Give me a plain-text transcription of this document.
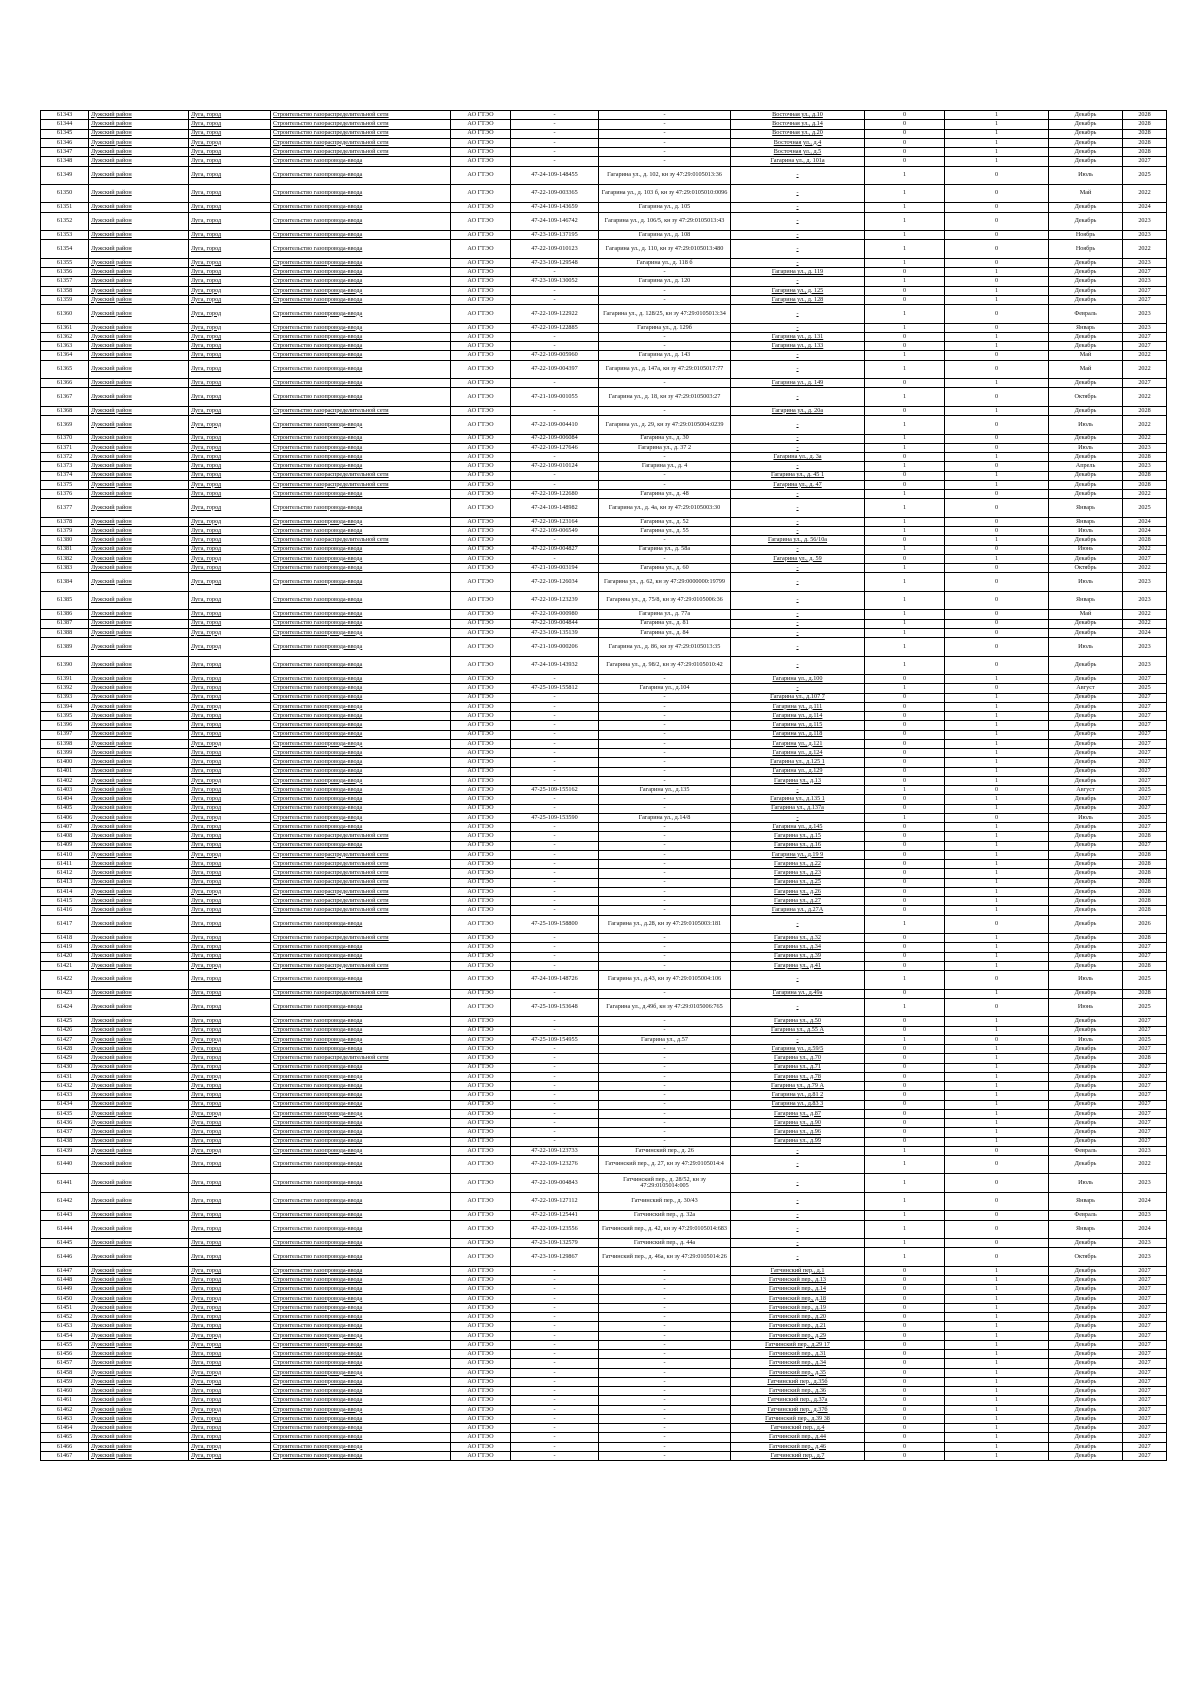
61343	Лужский район	Луга, город	Строительство газораспределительной сети	АО ГТЭО	-	-	Восточная ул., д.10	0	1	Декабрь	2028
61344	Лужский район	Луга, город	Строительство газораспределительной сети	АО ГТЭО	-	-	Восточная ул., д.14	0	1	Декабрь	2028
61345	Лужский район	Луга, город	Строительство газораспределительной сети	АО ГТЭО	-	-	Восточная ул., д.20	0	1	Декабрь	2028
61346	Лужский район	Луга, город	Строительство газораспределительной сети	АО ГТЭО	-	-	Восточная ул., д.4	0	1	Декабрь	2028
61347	Лужский район	Луга, город	Строительство газораспределительной сети	АО ГТЭО	-	-	Восточная ул., д.5	0	1	Декабрь	2028
61348	Лужский район	Луга, город	Строительство газопровода-ввода	АО ГТЭО	-	-	Гагарина ул., д. 101а	0	1	Декабрь	2027
61349	Лужский район	Луга, город	Строительство газопровода-ввода	АО ГТЭО	47-24-109-148455	Гагарина ул., д. 102, кн зу 47:29:0105013:36	-	1	0	Июль	2025
61350	Лужский район	Луга, город	Строительство газопровода-ввода	АО ГТЭО	47-22-109-003365	Гагарина ул., д. 103 б, кн зу 47:29:0105010:0096	-	1	0	Май	2022
61351	Лужский район	Луга, город	Строительство газопровода-ввода	АО ГТЭО	47-24-109-143659	Гагарина ул., д. 105	-	1	0	Декабрь	2024
61352	Лужский район	Луга, город	Строительство газопровода-ввода	АО ГТЭО	47-24-109-146742	Гагарина ул., д. 106/5, кн зу 47:29:0105013:43	-	1	0	Декабрь	2023
61353	Лужский район	Луга, город	Строительство газопровода-ввода	АО ГТЭО	47-23-109-137195	Гагарина ул., д. 108	-	1	0	Ноябрь	2023
61354	Лужский район	Луга, город	Строительство газопровода-ввода	АО ГТЭО	47-22-109-010123	Гагарина ул., д. 110, кн зу 47:29:0105013:480	-	1	0	Ноябрь	2022
61355	Лужский район	Луга, город	Строительство газопровода-ввода	АО ГТЭО	47-23-109-129548	Гагарина ул., д. 118 б	-	1	0	Декабрь	2023
61356	Лужский район	Луга, город	Строительство газопровода-ввода	АО ГТЭО	-	-	Гагарина ул., д. 119	0	1	Декабрь	2027
61357	Лужский район	Луга, город	Строительство газопровода-ввода	АО ГТЭО	47-23-109-130052	Гагарина ул., д. 120	-	1	0	Декабрь	2023
61358	Лужский район	Луга, город	Строительство газопровода-ввода	АО ГТЭО	-	-	Гагарина ул., д. 125	0	1	Декабрь	2027
61359	Лужский район	Луга, город	Строительство газопровода-ввода	АО ГТЭО	-	-	Гагарина ул., д. 128	0	1	Декабрь	2027
61360	Лужский район	Луга, город	Строительство газопровода-ввода	АО ГТЭО	47-22-109-122922	Гагарина ул., д. 128/25, кн зу 47:29:0105013:34	-	1	0	Февраль	2023
61361	Лужский район	Луга, город	Строительство газопровода-ввода	АО ГТЭО	47-22-109-122885	Гагарина ул., д. 129б	-	1	0	Январь	2023
61362	Лужский район	Луга, город	Строительство газопровода-ввода	АО ГТЭО	-	-	Гагарина ул., д. 131	0	1	Декабрь	2027
61363	Лужский район	Луга, город	Строительство газопровода-ввода	АО ГТЭО	-	-	Гагарина ул., д. 133	0	1	Декабрь	2027
61364	Лужский район	Луга, город	Строительство газопровода-ввода	АО ГТЭО	47-22-109-005960	Гагарина ул., д. 143	-	1	0	Май	2022
61365	Лужский район	Луга, город	Строительство газопровода-ввода	АО ГТЭО	47-22-109-004397	Гагарина ул., д. 147а, кн зу 47:29:0105017:77	-	1	0	Май	2022
61366	Лужский район	Луга, город	Строительство газопровода-ввода	АО ГТЭО	-	-	Гагарина ул., д. 149	0	1	Декабрь	2027
61367	Лужский район	Луга, город	Строительство газопровода-ввода	АО ГТЭО	47-21-109-001055	Гагарина ул., д. 18, кн зу 47:29:0105003:27	-	1	0	Октябрь	2022
61368	Лужский район	Луга, город	Строительство газораспределительной сети	АО ГТЭО	-	-	Гагарина ул., д. 20а	0	1	Декабрь	2028
61369	Лужский район	Луга, город	Строительство газопровода-ввода	АО ГТЭО	47-22-109-004410	Гагарина ул., д. 29, кн зу 47:29:0105004:0239	-	1	0	Июль	2022
61370	Лужский район	Луга, город	Строительство газопровода-ввода	АО ГТЭО	47-22-109-006084	Гагарина ул., д. 30	-	1	0	Декабрь	2022
61371	Лужский район	Луга, город	Строительство газопровода-ввода	АО ГТЭО	47-22-109-127646	Гагарина ул., д. 37 2	-	1	0	Июль	2023
61372	Лужский район	Луга, город	Строительство газопровода-ввода	АО ГТЭО	-	-	Гагарина ул., д. 3а	0	1	Декабрь	2028
61373	Лужский район	Луга, город	Строительство газопровода-ввода	АО ГТЭО	47-22-109-010124	Гагарина ул., д. 4	-	1	0	Апрель	2023
61374	Лужский район	Луга, город	Строительство газораспределительной сети	АО ГТЭО	-	-	Гагарина ул., д. 45 1	0	1	Декабрь	2028
61375	Лужский район	Луга, город	Строительство газораспределительной сети	АО ГТЭО	-	-	Гагарина ул., д. 47	0	1	Декабрь	2028
61376	Лужский район	Луга, город	Строительство газопровода-ввода	АО ГТЭО	47-22-109-122680	Гагарина ул., д. 48	-	1	0	Декабрь	2022
61377	Лужский район	Луга, город	Строительство газопровода-ввода	АО ГТЭО	47-24-109-148982	Гагарина ул., д. 4а, кн зу 47:29:0105003:30	-	1	0	Январь	2025
61378	Лужский район	Луга, город	Строительство газопровода-ввода	АО ГТЭО	47-22-109-123164	Гагарина ул., д. 52	-	1	0	Январь	2024
61379	Лужский район	Луга, город	Строительство газопровода-ввода	АО ГТЭО	47-22-109-006549	Гагарина ул., д. 55	-	1	0	Июль	2024
61380	Лужский район	Луга, город	Строительство газораспределительной сети	АО ГТЭО	-	-	Гагарина ул., д. 56/10а	0	1	Декабрь	2028
61381	Лужский район	Луга, город	Строительство газопровода-ввода	АО ГТЭО	47-22-109-004827	Гагарина ул., д. 58а	-	1	0	Июнь	2022
61382	Лужский район	Луга, город	Строительство газопровода-ввода	АО ГТЭО	-	-	Гагарина ул., д. 59	0	1	Декабрь	2027
61383	Лужский район	Луга, город	Строительство газопровода-ввода	АО ГТЭО	47-21-109-003194	Гагарина ул., д. 60	-	1	0	Октябрь	2022
61384	Лужский район	Луга, город	Строительство газопровода-ввода	АО ГТЭО	47-22-109-126034	Гагарина ул., д. 62, кн зу 47:29:0000000:19799	-	1	0	Июль	2023
61385	Лужский район	Луга, город	Строительство газопровода-ввода	АО ГТЭО	47-22-109-123239	Гагарина ул., д. 75/8, кн зу 47:29:0105006:36	-	1	0	Январь	2023
61386	Лужский район	Луга, город	Строительство газопровода-ввода	АО ГТЭО	47-22-109-000980	Гагарина ул., д. 77а	-	1	0	Май	2022
61387	Лужский район	Луга, город	Строительство газопровода-ввода	АО ГТЭО	47-22-109-004844	Гагарина ул., д. 81	-	1	0	Декабрь	2022
61388	Лужский район	Луга, город	Строительство газопровода-ввода	АО ГТЭО	47-23-109-135139	Гагарина ул., д. 84	-	1	0	Декабрь	2024
61389	Лужский район	Луга, город	Строительство газопровода-ввода	АО ГТЭО	47-21-109-000206	Гагарина ул., д. 86, кн зу 47:29:0105013:35	-	1	0	Июль	2023
61390	Лужский район	Луга, город	Строительство газопровода-ввода	АО ГТЭО	47-24-109-143932	Гагарина ул., д. 98/2, кн зу 47:29:0105010:42	-	1	0	Декабрь	2023
61391	Лужский район	Луга, город	Строительство газопровода-ввода	АО ГТЭО	-	-	Гагарина ул., д.100	0	1	Декабрь	2027
61392	Лужский район	Луга, город	Строительство газопровода-ввода	АО ГТЭО	47-25-109-155812	Гагарина ул., д.104	-	1	0	Август	2025
61393	Лужский район	Луга, город	Строительство газопровода-ввода	АО ГТЭО	-	-	Гагарина ул., д.107 7	0	1	Декабрь	2027
61394	Лужский район	Луга, город	Строительство газопровода-ввода	АО ГТЭО	-	-	Гагарина ул., д.111	0	1	Декабрь	2027
61395	Лужский район	Луга, город	Строительство газопровода-ввода	АО ГТЭО	-	-	Гагарина ул., д.114	0	1	Декабрь	2027
61396	Лужский район	Луга, город	Строительство газопровода-ввода	АО ГТЭО	-	-	Гагарина ул., д.115	0	1	Декабрь	2027
61397	Лужский район	Луга, город	Строительство газопровода-ввода	АО ГТЭО	-	-	Гагарина ул., д.118	0	1	Декабрь	2027
61398	Лужский район	Луга, город	Строительство газопровода-ввода	АО ГТЭО	-	-	Гагарина ул., д.121	0	1	Декабрь	2027
61399	Лужский район	Луга, город	Строительство газопровода-ввода	АО ГТЭО	-	-	Гагарина ул., д.124	0	1	Декабрь	2027
61400	Лужский район	Луга, город	Строительство газопровода-ввода	АО ГТЭО	-	-	Гагарина ул., д.125 1	0	1	Декабрь	2027
61401	Лужский район	Луга, город	Строительство газопровода-ввода	АО ГТЭО	-	-	Гагарина ул., д.129	0	1	Декабрь	2027
61402	Лужский район	Луга, город	Строительство газопровода-ввода	АО ГТЭО	-	-	Гагарина ул., д.13	0	1	Декабрь	2027
61403	Лужский район	Луга, город	Строительство газопровода-ввода	АО ГТЭО	47-25-109-155162	Гагарина ул., д.135	-	1	0	Август	2025
61404	Лужский район	Луга, город	Строительство газопровода-ввода	АО ГТЭО	-	-	Гагарина ул., д.135 1	0	1	Декабрь	2027
61405	Лужский район	Луга, город	Строительство газопровода-ввода	АО ГТЭО	-	-	Гагарина ул., д.137а	0	1	Декабрь	2027
61406	Лужский район	Луга, город	Строительство газопровода-ввода	АО ГТЭО	47-25-109-153590	Гагарина ул., д.14/8	-	1	0	Июль	2025
61407	Лужский район	Луга, город	Строительство газопровода-ввода	АО ГТЭО	-	-	Гагарина ул., д.145	0	1	Декабрь	2027
61408	Лужский район	Луга, город	Строительство газораспределительной сети	АО ГТЭО	-	-	Гагарина ул., д.15	0	1	Декабрь	2028
61409	Лужский район	Луга, город	Строительство газопровода-ввода	АО ГТЭО	-	-	Гагарина ул., д.16	0	1	Декабрь	2027
61410	Лужский район	Луга, город	Строительство газораспределительной сети	АО ГТЭО	-	-	Гагарина ул., д.19 9	0	1	Декабрь	2028
61411	Лужский район	Луга, город	Строительство газораспределительной сети	АО ГТЭО	-	-	Гагарина ул., д.22	0	1	Декабрь	2028
61412	Лужский район	Луга, город	Строительство газораспределительной сети	АО ГТЭО	-	-	Гагарина ул., д.23	0	1	Декабрь	2028
61413	Лужский район	Луга, город	Строительство газораспределительной сети	АО ГТЭО	-	-	Гагарина ул., д.25	0	1	Декабрь	2028
61414	Лужский район	Луга, город	Строительство газораспределительной сети	АО ГТЭО	-	-	Гагарина ул., д.26	0	1	Декабрь	2028
61415	Лужский район	Луга, город	Строительство газораспределительной сети	АО ГТЭО	-	-	Гагарина ул., д.27	0	1	Декабрь	2028
61416	Лужский район	Луга, город	Строительство газораспределительной сети	АО ГТЭО	-	-	Гагарина ул., д.27А	0	1	Декабрь	2028
61417	Лужский район	Луга, город	Строительство газопровода-ввода	АО ГТЭО	47-25-109-158800	Гагарина ул., д.28, кн зу 47:29:0105003:181	-	1	0	Декабрь	2026
61418	Лужский район	Луга, город	Строительство газораспределительной сети	АО ГТЭО	-	-	Гагарина ул., д.32	0	1	Декабрь	2028
61419	Лужский район	Луга, город	Строительство газопровода-ввода	АО ГТЭО	-	-	Гагарина ул., д.34	0	1	Декабрь	2027
61420	Лужский район	Луга, город	Строительство газопровода-ввода	АО ГТЭО	-	-	Гагарина ул., д.39	0	1	Декабрь	2027
61421	Лужский район	Луга, город	Строительство газораспределительной сети	АО ГТЭО	-	-	Гагарина ул., д.41	0	1	Декабрь	2028
61422	Лужский район	Луга, город	Строительство газопровода-ввода	АО ГТЭО	47-24-109-148726	Гагарина ул., д.43, кн зу 47:29:0105004:106	-	1	0	Июль	2025
61423	Лужский район	Луга, город	Строительство газораспределительной сети	АО ГТЭО	-	-	Гагарина ул., д.49а	0	1	Декабрь	2028
61424	Лужский район	Луга, город	Строительство газопровода-ввода	АО ГТЭО	47-25-109-153648	Гагарина ул., д.49б, кн зу 47:29:0105006:765	-	1	0	Июнь	2025
61425	Лужский район	Луга, город	Строительство газопровода-ввода	АО ГТЭО	-	-	Гагарина ул., д.50	0	1	Декабрь	2027
61426	Лужский район	Луга, город	Строительство газопровода-ввода	АО ГТЭО	-	-	Гагарина ул., д.55 А	0	1	Декабрь	2027
61427	Лужский район	Луга, город	Строительство газопровода-ввода	АО ГТЭО	47-25-109-154955	Гагарина ул., д.57	-	1	0	Июль	2025
61428	Лужский район	Луга, город	Строительство газопровода-ввода	АО ГТЭО	-	-	Гагарина ул., д.59/5	0	1	Декабрь	2027
61429	Лужский район	Луга, город	Строительство газораспределительной сети	АО ГТЭО	-	-	Гагарина ул., д.70	0	1	Декабрь	2028
61430	Лужский район	Луга, город	Строительство газопровода-ввода	АО ГТЭО	-	-	Гагарина ул., д.71	0	1	Декабрь	2027
61431	Лужский район	Луга, город	Строительство газопровода-ввода	АО ГТЭО	-	-	Гагарина ул., д.78	0	1	Декабрь	2027
61432	Лужский район	Луга, город	Строительство газопровода-ввода	АО ГТЭО	-	-	Гагарина ул., д.79 А	0	1	Декабрь	2027
61433	Лужский район	Луга, город	Строительство газопровода-ввода	АО ГТЭО	-	-	Гагарина ул., д.81 2	0	1	Декабрь	2027
61434	Лужский район	Луга, город	Строительство газопровода-ввода	АО ГТЭО	-	-	Гагарина ул., д.83 3	0	1	Декабрь	2027
61435	Лужский район	Луга, город	Строительство газопровода-ввода	АО ГТЭО	-	-	Гагарина ул., д.87	0	1	Декабрь	2027
61436	Лужский район	Луга, город	Строительство газопровода-ввода	АО ГТЭО	-	-	Гагарина ул., д.90	0	1	Декабрь	2027
61437	Лужский район	Луга, город	Строительство газопровода-ввода	АО ГТЭО	-	-	Гагарина ул., д.96	0	1	Декабрь	2027
61438	Лужский район	Луга, город	Строительство газопровода-ввода	АО ГТЭО	-	-	Гагарина ул., д.99	0	1	Декабрь	2027
61439	Лужский район	Луга, город	Строительство газопровода-ввода	АО ГТЭО	47-22-109-123733	Гатчинский пер., д. 26	-	1	0	Февраль	2023
61440	Лужский район	Луга, город	Строительство газопровода-ввода	АО ГТЭО	47-22-109-123276	Гатчинский пер., д. 27, кн зу 47:29:0105014:4	-	1	0	Декабрь	2022
61441	Лужский район	Луга, город	Строительство газопровода-ввода	АО ГТЭО	47-22-109-004843	Гатчинский пер., д. 28/52, кн зу 47:29:0105014:005	-	1	0	Июль	2023
61442	Лужский район	Луга, город	Строительство газопровода-ввода	АО ГТЭО	47-22-109-127112	Гатчинский пер., д. 30/43	-	1	0	Январь	2024
61443	Лужский район	Луга, город	Строительство газопровода-ввода	АО ГТЭО	47-22-109-125441	Гатчинский пер., д. 32а	-	1	0	Февраль	2023
61444	Лужский район	Луга, город	Строительство газопровода-ввода	АО ГТЭО	47-22-109-123556	Гатчинский пер., д. 42, кн зу 47:29:0105014:683	-	1	0	Январь	2024
61445	Лужский район	Луга, город	Строительство газопровода-ввода	АО ГТЭО	47-23-109-132579	Гатчинский пер., д. 44а	-	1	0	Декабрь	2023
61446	Лужский район	Луга, город	Строительство газопровода-ввода	АО ГТЭО	47-23-109-129867	Гатчинский пер., д. 46а, кн зу 47:29:0105014:26	-	1	0	Октябрь	2023
61447	Лужский район	Луга, город	Строительство газопровода-ввода	АО ГТЭО	-	-	Гатчинский пер., д.1	0	1	Декабрь	2027
61448	Лужский район	Луга, город	Строительство газопровода-ввода	АО ГТЭО	-	-	Гатчинский пер., д.13	0	1	Декабрь	2027
61449	Лужский район	Луга, город	Строительство газопровода-ввода	АО ГТЭО	-	-	Гатчинский пер., д.14	0	1	Декабрь	2027
61450	Лужский район	Луга, город	Строительство газопровода-ввода	АО ГТЭО	-	-	Гатчинский пер., д.18	0	1	Декабрь	2027
61451	Лужский район	Луга, город	Строительство газопровода-ввода	АО ГТЭО	-	-	Гатчинский пер., д.19	0	1	Декабрь	2027
61452	Лужский район	Луга, город	Строительство газопровода-ввода	АО ГТЭО	-	-	Гатчинский пер., д.20	0	1	Декабрь	2027
61453	Лужский район	Луга, город	Строительство газопровода-ввода	АО ГТЭО	-	-	Гатчинский пер., д.21	0	1	Декабрь	2027
61454	Лужский район	Луга, город	Строительство газопровода-ввода	АО ГТЭО	-	-	Гатчинский пер., д.29	0	1	Декабрь	2027
61455	Лужский район	Луга, город	Строительство газопровода-ввода	АО ГТЭО	-	-	Гатчинский пер., д.29 17	0	1	Декабрь	2027
61456	Лужский район	Луга, город	Строительство газопровода-ввода	АО ГТЭО	-	-	Гатчинский пер., д.31	0	1	Декабрь	2027
61457	Лужский район	Луга, город	Строительство газопровода-ввода	АО ГТЭО	-	-	Гатчинский пер., д.34	0	1	Декабрь	2027
61458	Лужский район	Луга, город	Строительство газопровода-ввода	АО ГТЭО	-	-	Гатчинский пер., д.35	0	1	Декабрь	2027
61459	Лужский район	Луга, город	Строительство газопровода-ввода	АО ГТЭО	-	-	Гатчинский пер., д.35б	0	1	Декабрь	2027
61460	Лужский район	Луга, город	Строительство газопровода-ввода	АО ГТЭО	-	-	Гатчинский пер., д.36	0	1	Декабрь	2027
61461	Лужский район	Луга, город	Строительство газопровода-ввода	АО ГТЭО	-	-	Гатчинский пер., д.37а	0	1	Декабрь	2027
61462	Лужский район	Луга, город	Строительство газопровода-ввода	АО ГТЭО	-	-	Гатчинский пер., д.37б	0	1	Декабрь	2027
61463	Лужский район	Луга, город	Строительство газопровода-ввода	АО ГТЭО	-	-	Гатчинский пер., д.39 38	0	1	Декабрь	2027
61464	Лужский район	Луга, город	Строительство газопровода-ввода	АО ГТЭО	-	-	Гатчинский пер., д.4	0	1	Декабрь	2027
61465	Лужский район	Луга, город	Строительство газопровода-ввода	АО ГТЭО	-	-	Гатчинский пер., д.44	0	1	Декабрь	2027
61466	Лужский район	Луга, город	Строительство газопровода-ввода	АО ГТЭО	-	-	Гатчинский пер., д.46	0	1	Декабрь	2027
61467	Лужский район	Луга, город	Строительство газопровода-ввода	АО ГТЭО	-	-	Гатчинский пер., д.7	0	1	Декабрь	2027
